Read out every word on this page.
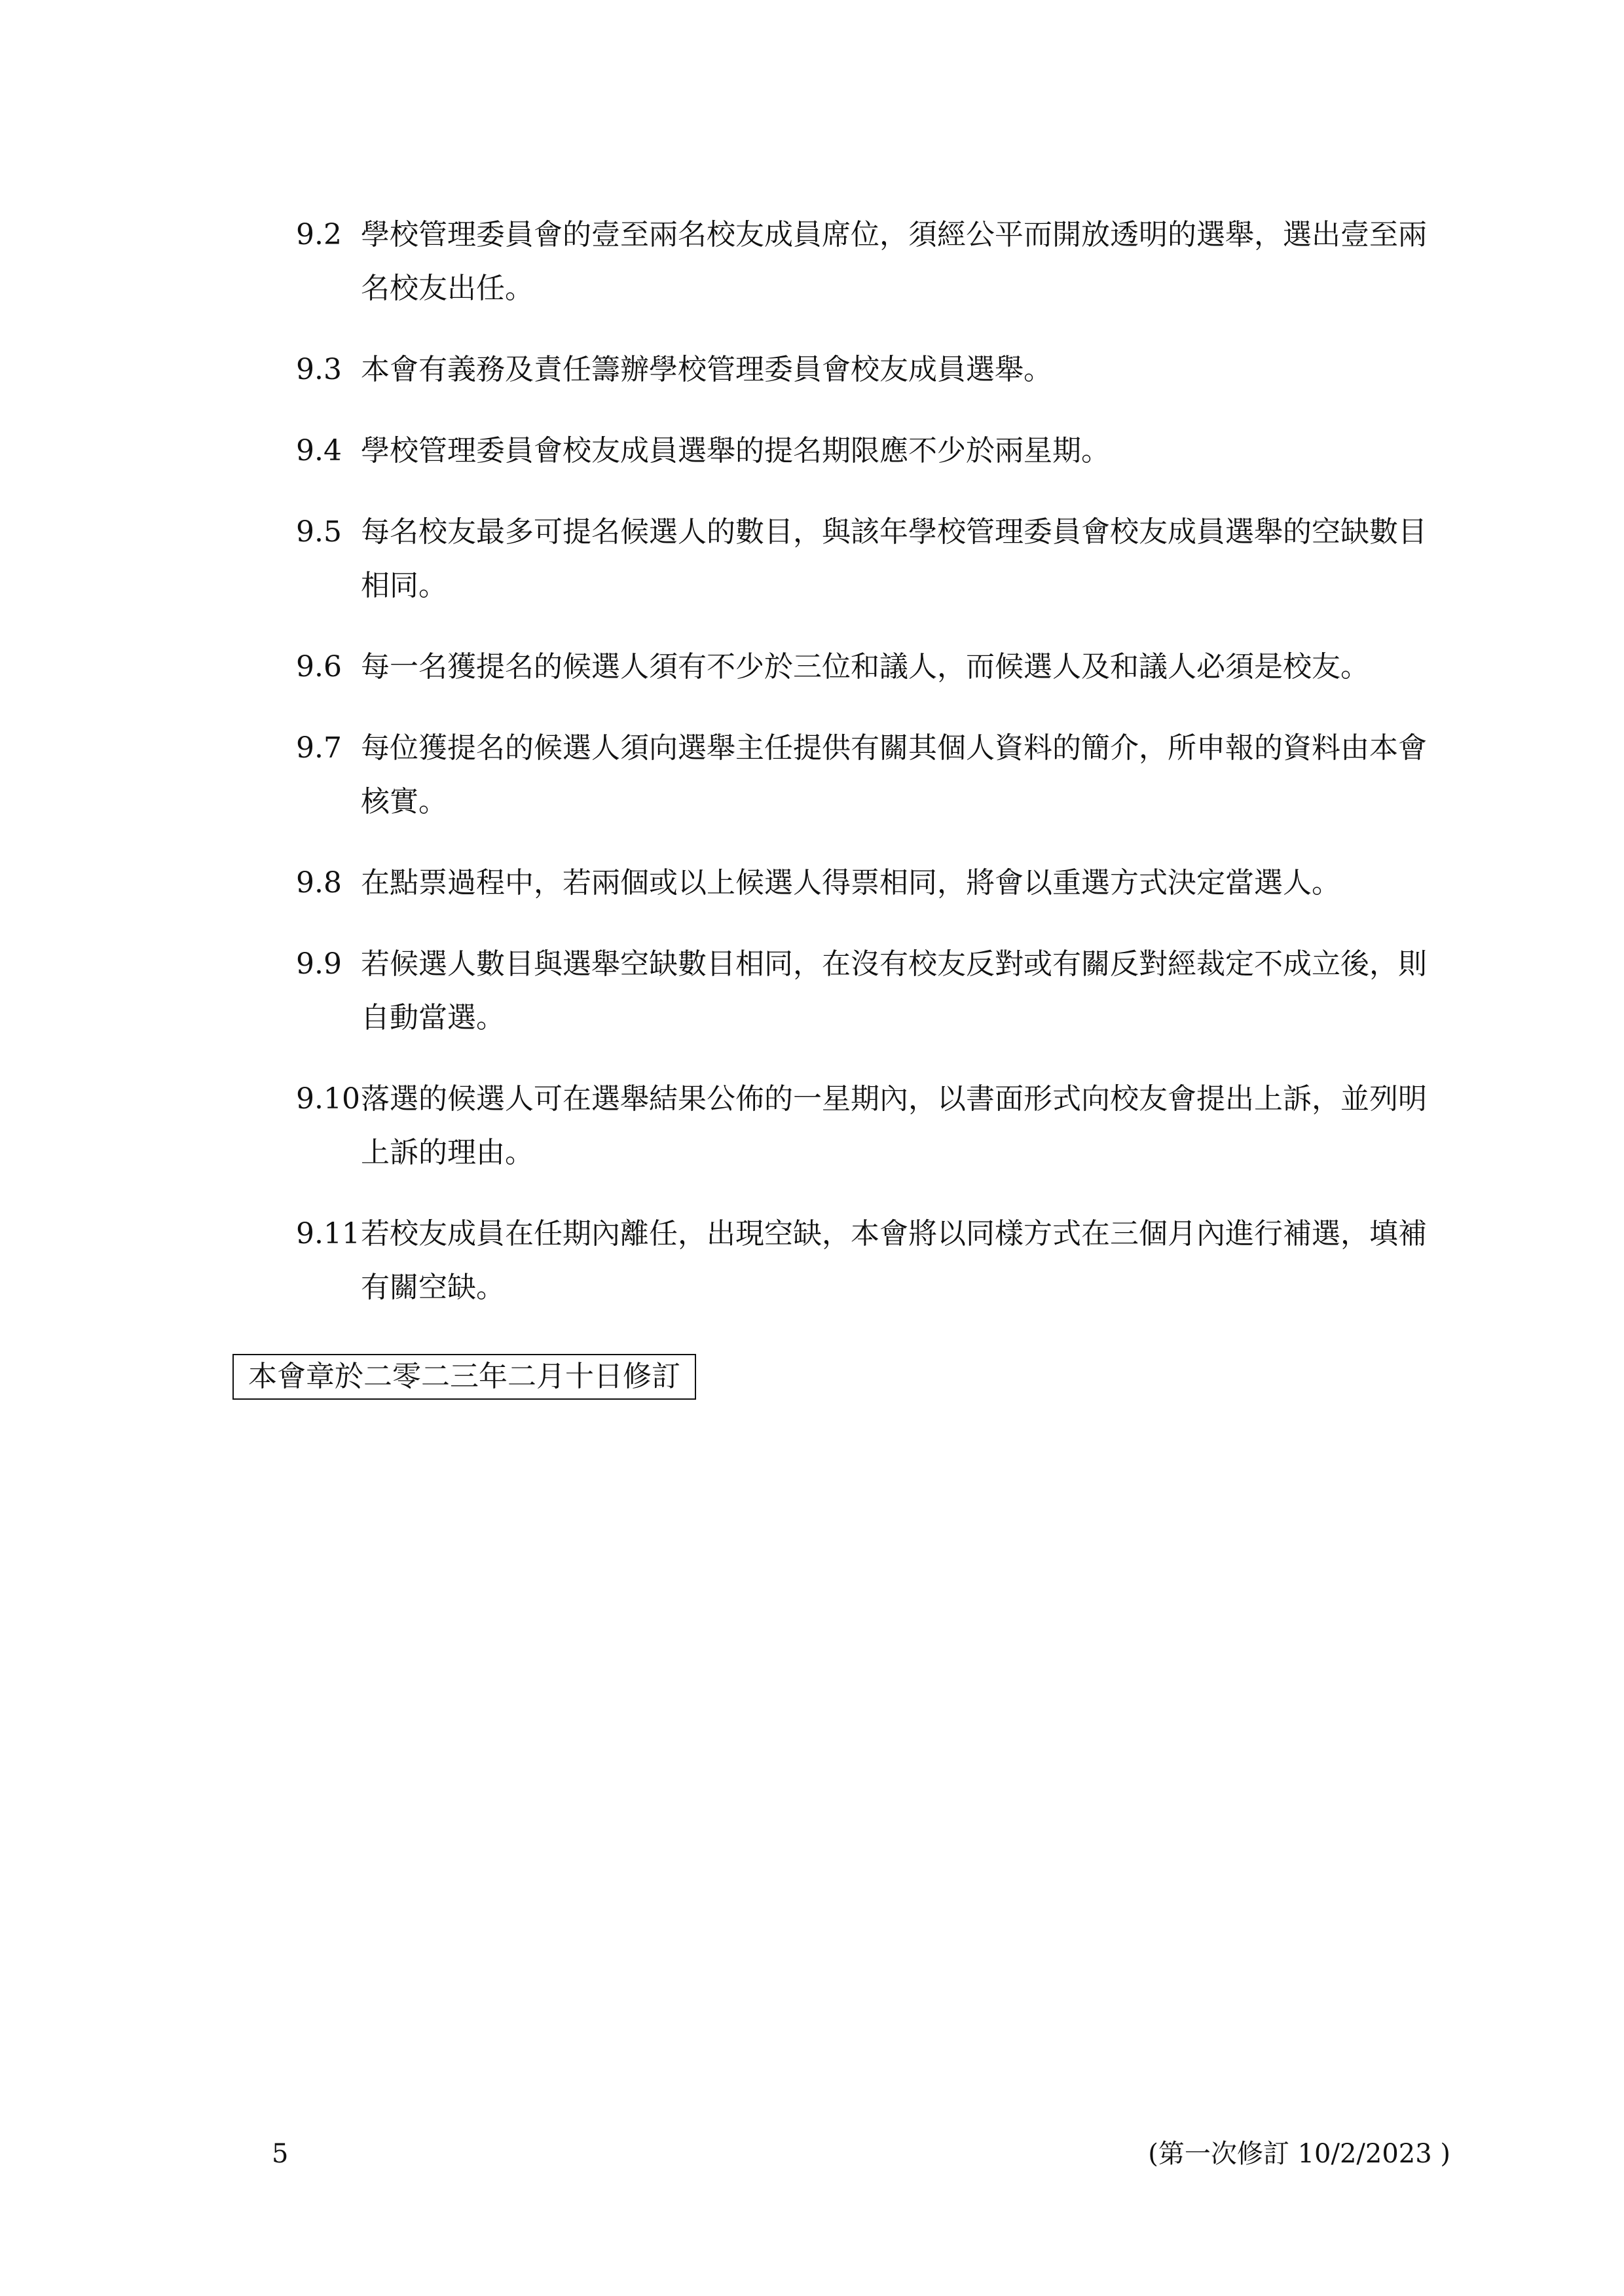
9.2 學校管理委員會的壹至兩名校友成員席位，須經公平而開放透明的選舉，選出壹至兩名校友出任。
9.3 本會有義務及責任籌辦學校管理委員會校友成員選舉。
9.4 學校管理委員會校友成員選舉的提名期限應不少於兩星期。
9.5 每名校友最多可提名候選人的數目，與該年學校管理委員會校友成員選舉的空缺數目相同。
9.6 每一名獲提名的候選人須有不少於三位和議人，而候選人及和議人必須是校友。
9.7 每位獲提名的候選人須向選舉主任提供有關其個人資料的簡介，所申報的資料由本會核實。
9.8 在點票過程中，若兩個或以上候選人得票相同，將會以重選方式決定當選人。
9.9 若候選人數目與選舉空缺數目相同，在沒有校友反對或有關反對經裁定不成立後，則自動當選。
9.10 落選的候選人可在選舉結果公佈的一星期內，以書面形式向校友會提出上訴，並列明上訴的理由。
9.11 若校友成員在任期內離任，出現空缺，本會將以同樣方式在三個月內進行補選，填補有關空缺。
本會章於二零二三年二月十日修訂
5	(第一次修訂 10/2/2023 )
